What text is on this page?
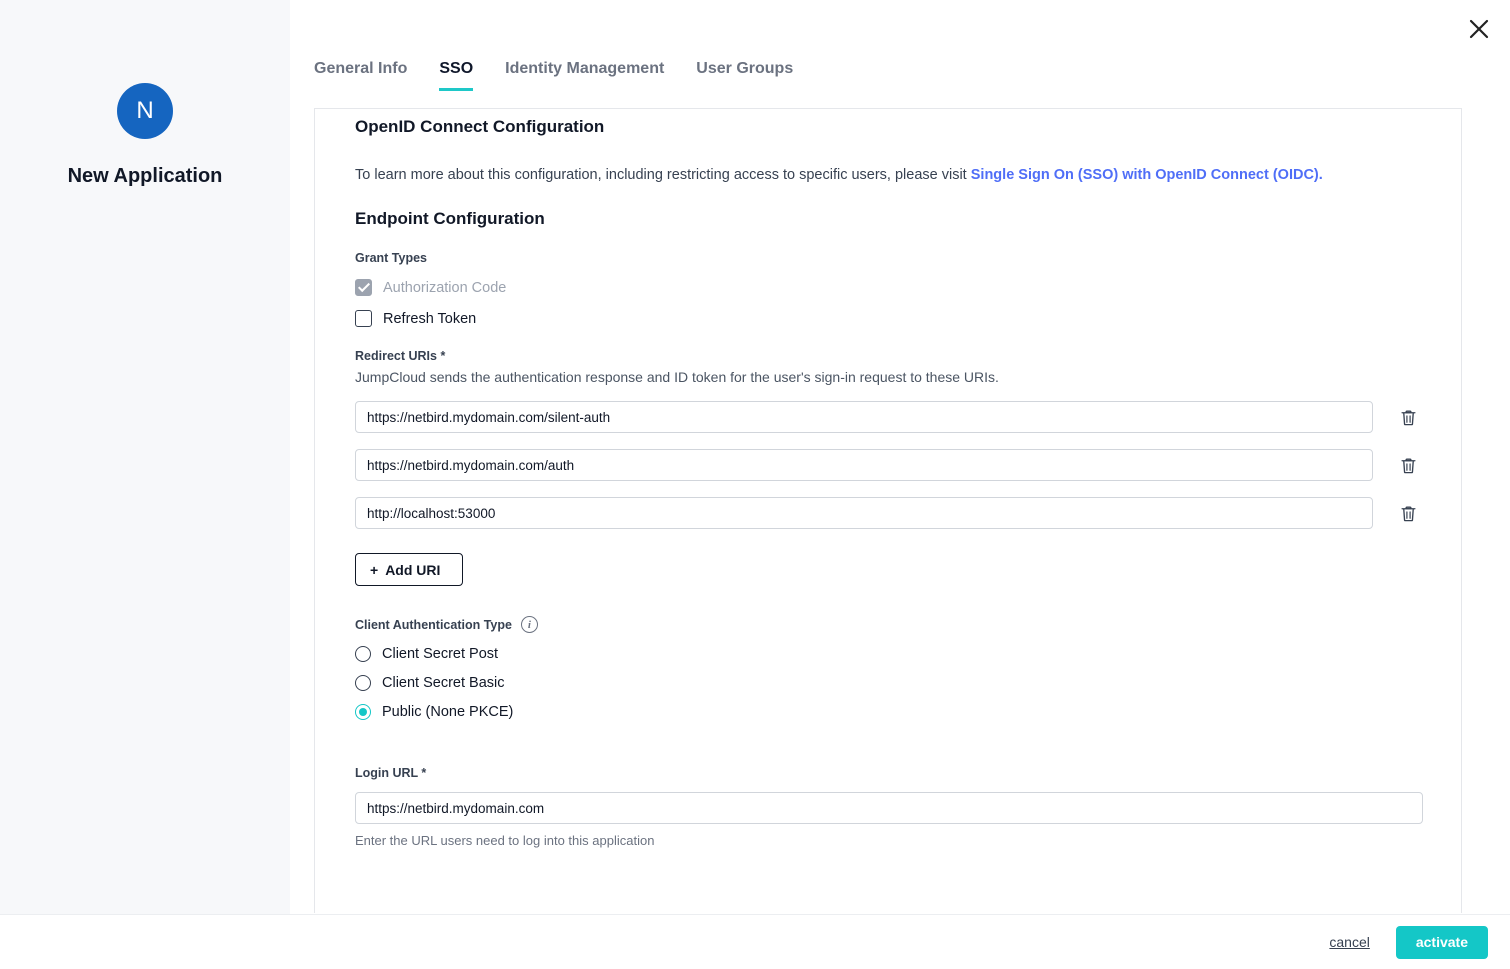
N
New Application
General Info SSO Identity Management User Groups
OpenID Connect Configuration

To learn more about this configuration, including restricting access to specific users, please visit Single Sign On (SSO) with OpenID Connect (OIDC).

Endpoint Configuration
Grant Types
Authorization Code
Refresh Token
Redirect URIs *

JumpCloud sends the authentication response and ID token for the user's sign-in request to these URIs.

https://netbird.mydomain.com/silent-auth
https://netbird.mydomain.com/auth
http://localhost:53000
+ Add URI
Client Authentication Type	i
Client Secret Post
Client Secret Basic
Public (None PKCE)
Login URL *
https://netbird.mydomain.com

Enter the URL users need to log into this application

cancel	activate
